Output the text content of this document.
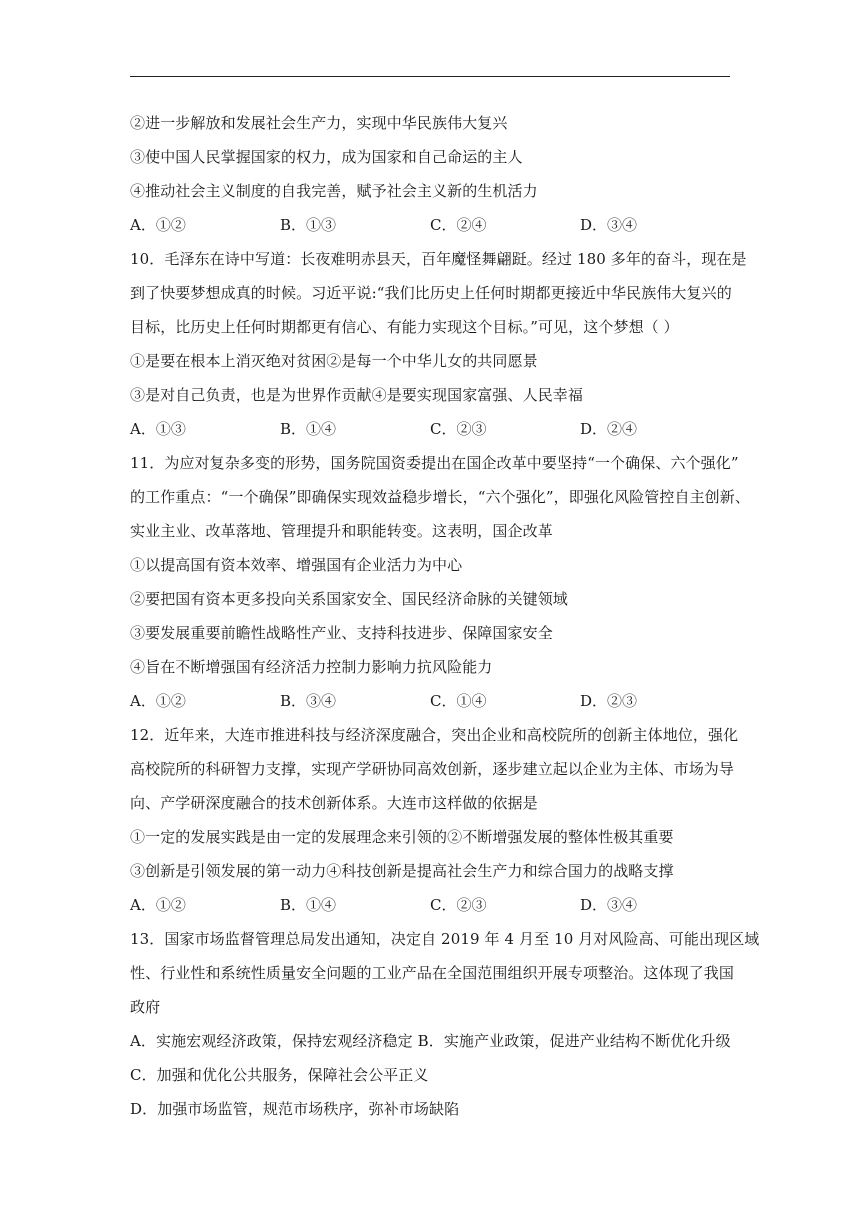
②进一步解放和发展社会生产力，实现中华民族伟大复兴
③使中国人民掌握国家的权力，成为国家和自己命运的主人
④推动社会主义制度的自我完善，赋予社会主义新的生机活力
A．①②	B．①③	C．②④	D．③④
10．毛泽东在诗中写道：长夜难明赤县天，百年魔怪舞翩跹。经过 180 多年的奋斗，现在是
到了快要梦想成真的时候。习近平说:“我们比历史上任何时期都更接近中华民族伟大复兴的
目标，比历史上任何时期都更有信心、有能力实现这个目标。”可见，这个梦想（ ）
①是要在根本上消灭绝对贫困②是每一个中华儿女的共同愿景
③是对自己负责，也是为世界作贡献④是要实现国家富强、人民幸福
A．①③	B．①④	C．②③	D．②④
11．为应对复杂多变的形势，国务院国资委提出在国企改革中要坚持“一个确保、六个强化”
的工作重点：“一个确保”即确保实现效益稳步增长，“六个强化”，即强化风险管控自主创新、
实业主业、改革落地、管理提升和职能转变。这表明，国企改革
①以提高国有资本效率、增强国有企业活力为中心
②要把国有资本更多投向关系国家安全、国民经济命脉的关键领域
③要发展重要前瞻性战略性产业、支持科技进步、保障国家安全
④旨在不断增强国有经济活力控制力影响力抗风险能力
A．①②	B．③④	C．①④	D．②③
12．近年来，大连市推进科技与经济深度融合，突出企业和高校院所的创新主体地位，强化
高校院所的科研智力支撑，实现产学研协同高效创新，逐步建立起以企业为主体、市场为导
向、产学研深度融合的技术创新体系。大连市这样做的依据是
①一定的发展实践是由一定的发展理念来引领的②不断增强发展的整体性极其重要
③创新是引领发展的第一动力④科技创新是提高社会生产力和综合国力的战略支撑
A．①②	B．①④	C．②③	D．③④
13．国家市场监督管理总局发出通知，决定自 2019 年 4 月至 10 月对风险高、可能出现区域
性、行业性和系统性质量安全问题的工业产品在全国范围组织开展专项整治。这体现了我国
政府
A．实施宏观经济政策，保持宏观经济稳定 B．实施产业政策，促进产业结构不断优化升级
C．加强和优化公共服务，保障社会公平正义
D．加强市场监管，规范市场秩序，弥补市场缺陷
